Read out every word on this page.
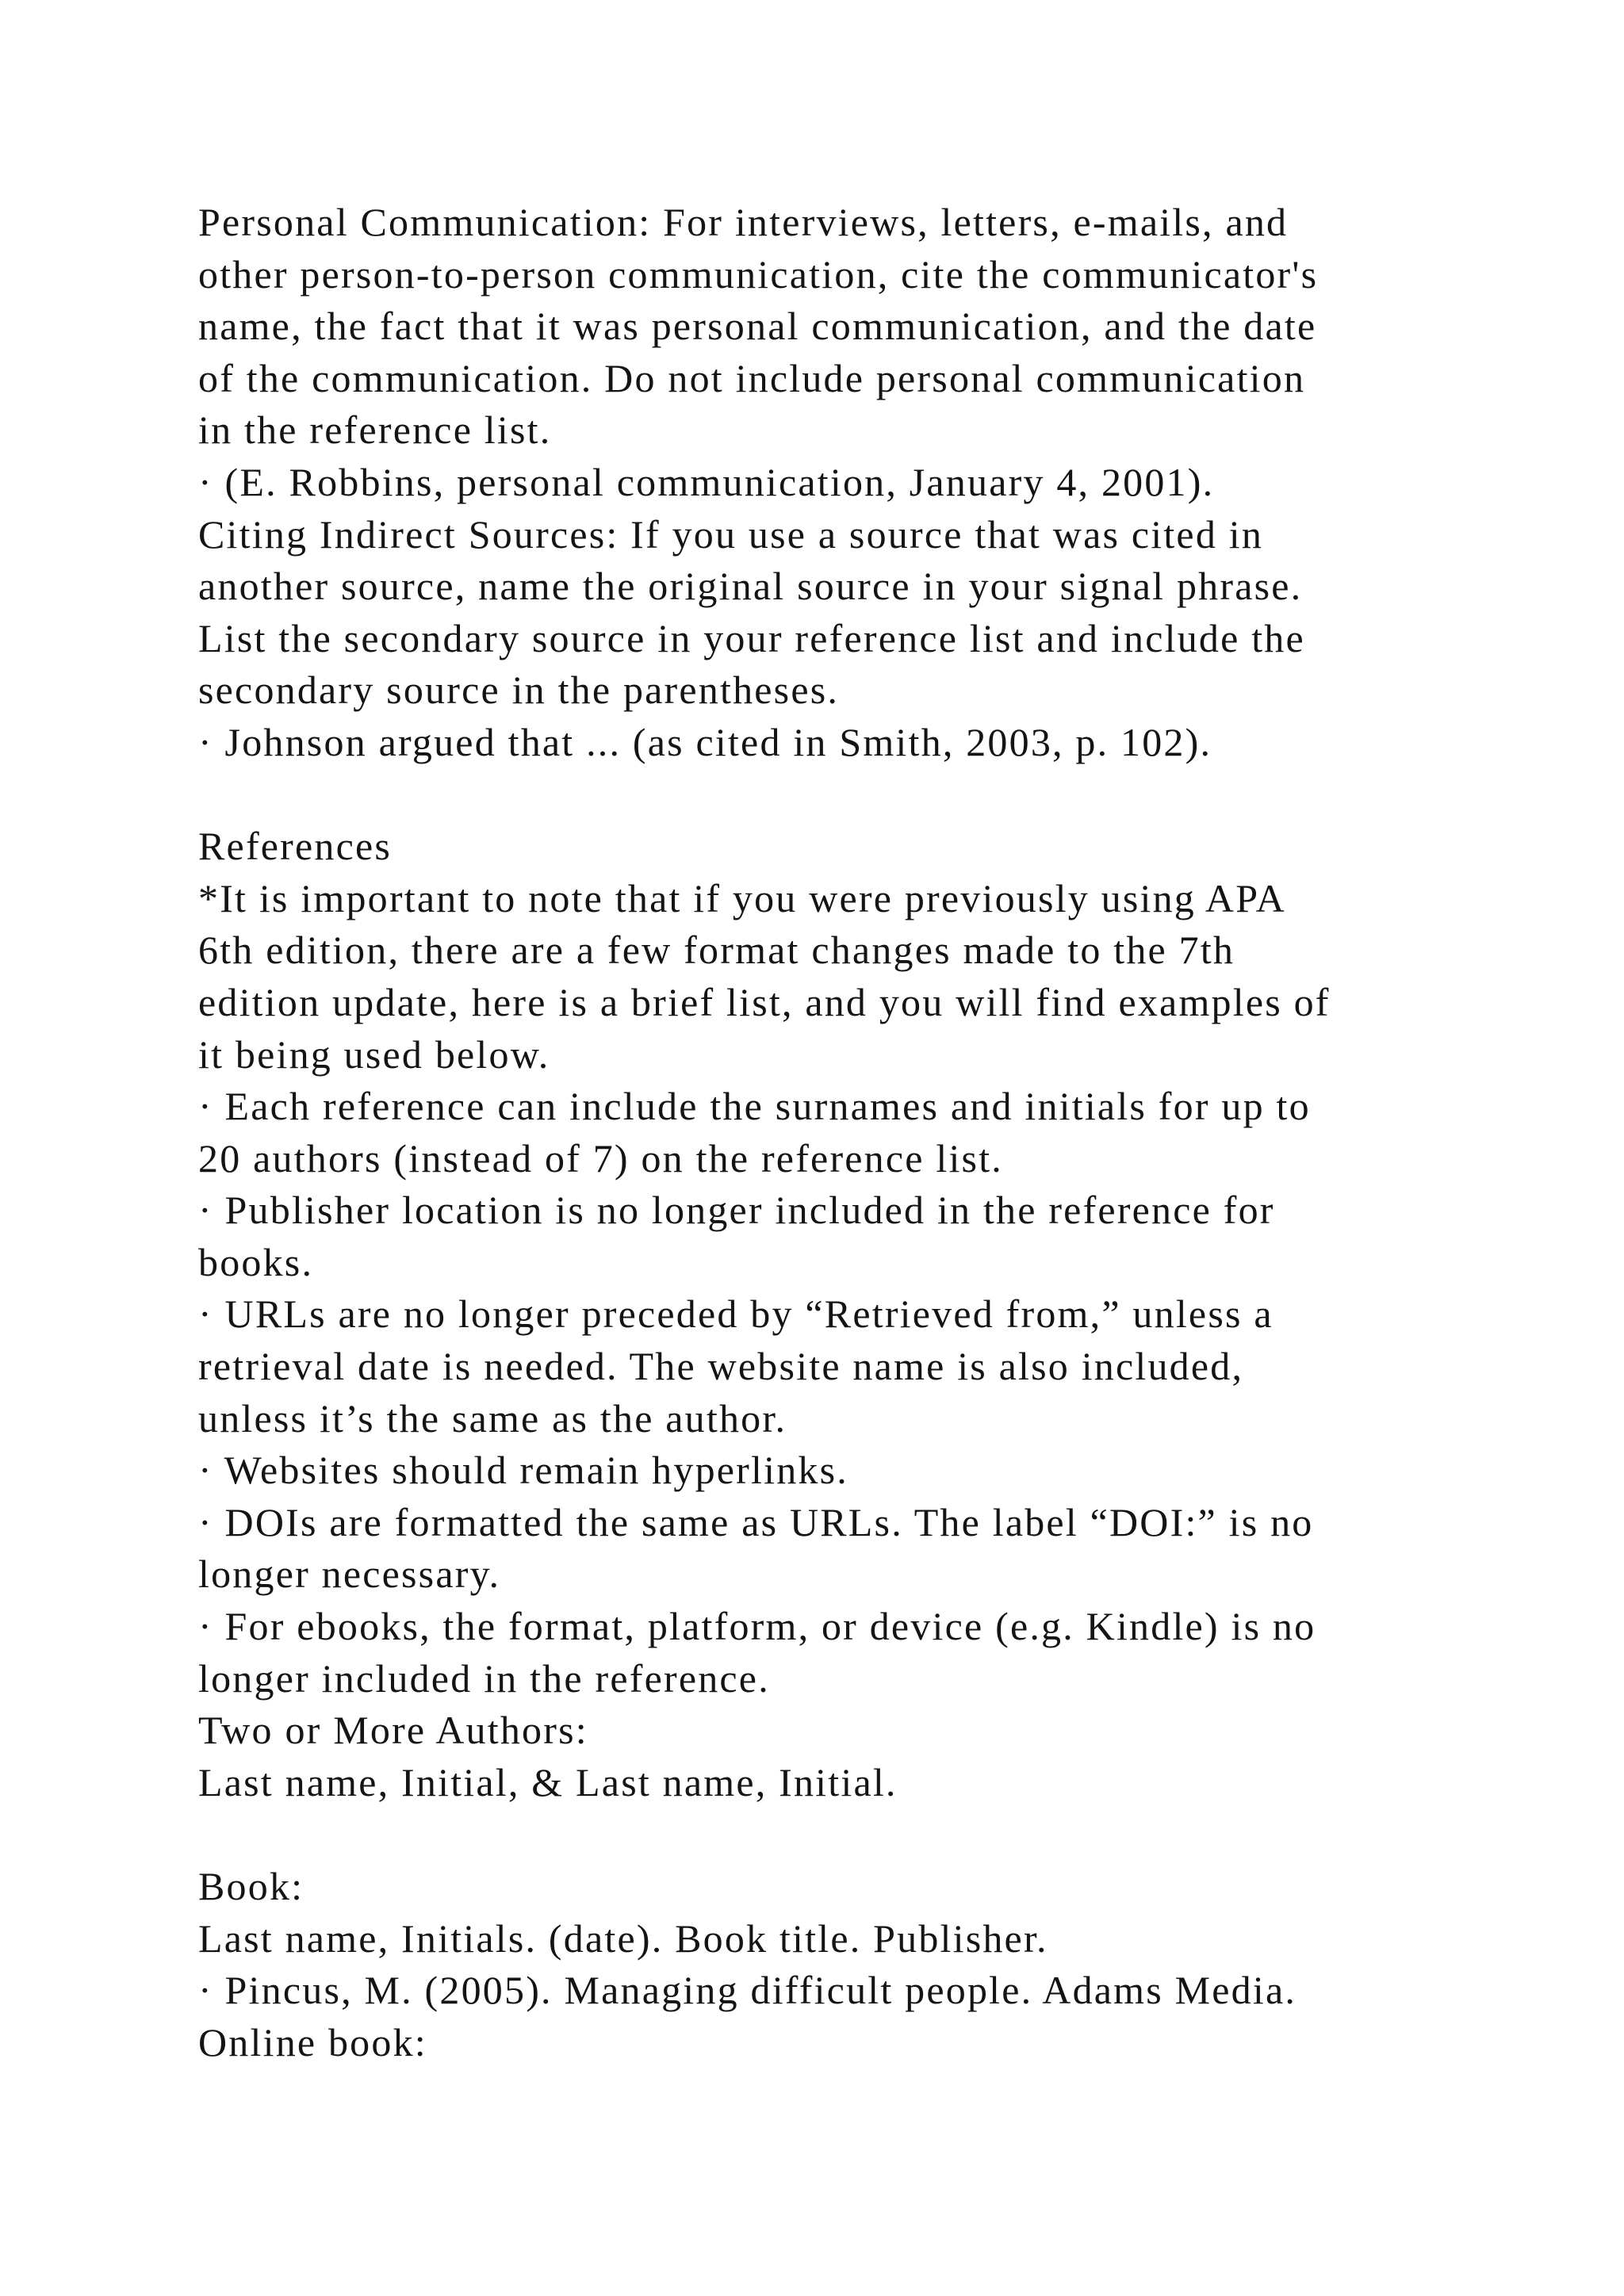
Personal Communication: For interviews, letters, e-mails, and
other person-to-person communication, cite the communicator's
name, the fact that it was personal communication, and the date
of the communication. Do not include personal communication
in the reference list.
· (E. Robbins, personal communication, January 4, 2001).
Citing Indirect Sources: If you use a source that was cited in
another source, name the original source in your signal phrase.
List the secondary source in your reference list and include the
secondary source in the parentheses.
· Johnson argued that ... (as cited in Smith, 2003, p. 102).
References
*It is important to note that if you were previously using APA
6th edition, there are a few format changes made to the 7th
edition update, here is a brief list, and you will find examples of
it being used below.
· Each reference can include the surnames and initials for up to
20 authors (instead of 7) on the reference list.
· Publisher location is no longer included in the reference for
books.
· URLs are no longer preceded by “Retrieved from,” unless a
retrieval date is needed. The website name is also included,
unless it’s the same as the author.
· Websites should remain hyperlinks.
· DOIs are formatted the same as URLs. The label “DOI:” is no
longer necessary.
· For ebooks, the format, platform, or device (e.g. Kindle) is no
longer included in the reference.
Two or More Authors:
Last name, Initial, & Last name, Initial.
Book:
Last name, Initials. (date). Book title. Publisher.
· Pincus, M. (2005). Managing difficult people. Adams Media.
Online book:
